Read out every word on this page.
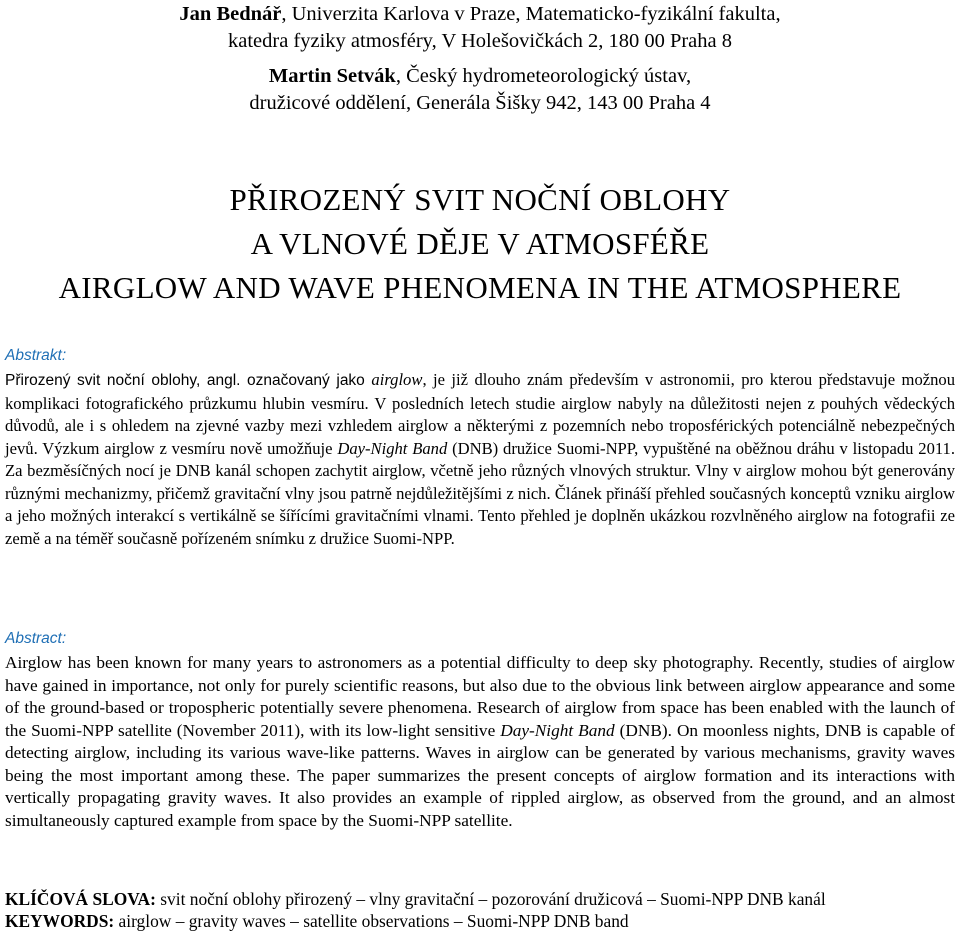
Jan Bednář, Univerzita Karlova v Praze, Matematicko-fyzikální fakulta,
katedra fyziky atmosféry, V Holešovičkách 2, 180 00 Praha 8
Martin Setvák, Český hydrometeorologický ústav,
družicové oddělení, Generála Šišky 942, 143 00 Praha 4
PŘIROZENÝ SVIT NOČNÍ OBLOHY
A VLNOVÉ DĚJE V ATMOSFÉŘE
AIRGLOW AND WAVE PHENOMENA IN THE ATMOSPHERE
Abstrakt:
Přirozený svit noční oblohy, angl. označovaný jako airglow, je již dlouho znám především v astronomii, pro kterou představuje možnou komplikaci fotografického průzkumu hlubin vesmíru. V posledních letech studie airglow nabyly na důležitosti nejen z pouhých vědeckých důvodů, ale i s ohledem na zjevné vazby mezi vzhledem airglow a některými z pozemních nebo troposférických potenciálně nebezpečných jevů. Výzkum airglow z vesmíru nově umožňuje Day-Night Band (DNB) družice Suomi-NPP, vypuštěné na oběžnou dráhu v listopadu 2011. Za bezměsíčných nocí je DNB kanál schopen zachytit airglow, včetně jeho různých vlnových struktur. Vlny v airglow mohou být generovány různými mechanizmy, přičemž gravitační vlny jsou patrně nejdůležitějšími z nich. Článek přináší přehled současných konceptů vzniku airglow a jeho možných interakcí s vertikálně se šířícími gravitačními vlnami. Tento přehled je doplněn ukázkou rozvlněného airglow na fotografii ze země a na téměř současně pořízeném snímku z družice Suomi-NPP.
Abstract:
Airglow has been known for many years to astronomers as a potential difficulty to deep sky photography. Recently, studies of airglow have gained in importance, not only for purely scientific reasons, but also due to the obvious link between airglow appearance and some of the ground-based or tropospheric potentially severe phenomena. Research of airglow from space has been enabled with the launch of the Suomi-NPP satellite (November 2011), with its low-light sensitive Day-Night Band (DNB). On moonless nights, DNB is capable of detecting airglow, including its various wave-like patterns. Waves in airglow can be generated by various mechanisms, gravity waves being the most important among these. The paper summarizes the present concepts of airglow formation and its interactions with vertically propagating gravity waves. It also provides an example of rippled airglow, as observed from the ground, and an almost simultaneously captured example from space by the Suomi-NPP satellite.
KLÍČOVÁ SLOVA: svit noční oblohy přirozený – vlny gravitační – pozorování družicová – Suomi-NPP DNB kanál
KEYWORDS: airglow – gravity waves – satellite observations – Suomi-NPP DNB band
